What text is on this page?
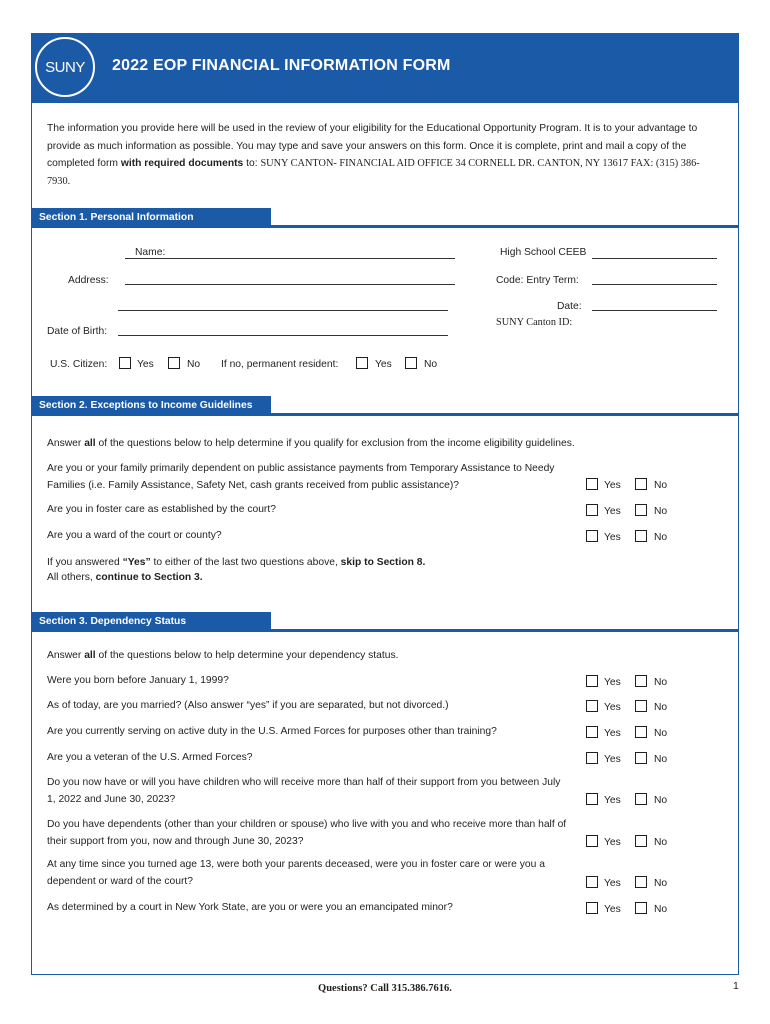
SUNY 2022 EOP FINANCIAL INFORMATION FORM
The information you provide here will be used in the review of your eligibility for the Educational Opportunity Program. It is to your advantage to provide as much information as possible. You may type and save your answers on this form. Once it is complete, print and mail a copy of the completed form with required documents to: SUNY CANTON- FINANCIAL AID OFFICE 34 CORNELL DR. CANTON, NY 13617 FAX: (315) 386-7930.
Section 1. Personal Information
Name:
Address:
Date of Birth:
High School CEEB
Code: Entry Term:
Date:
SUNY Canton ID:
U.S. Citizen:	Yes	No If no, permanent resident:	Yes	No
Section 2. Exceptions to Income Guidelines
Answer all of the questions below to help determine if you qualify for exclusion from the income eligibility guidelines.
Are you or your family primarily dependent on public assistance payments from Temporary Assistance to Needy Families (i.e. Family Assistance, Safety Net, cash grants received from public assistance)?	Yes	No
Are you in foster care as established by the court?	Yes	No
Are you a ward of the court or county?	Yes	No
If you answered “Yes” to either of the last two questions above, skip to Section 8.
All others, continue to Section 3.
Section 3. Dependency Status
Answer all of the questions below to help determine your dependency status.
Were you born before January 1, 1999?	Yes	No
As of today, are you married? (Also answer “yes” if you are separated, but not divorced.)	Yes	No
Are you currently serving on active duty in the U.S. Armed Forces for purposes other than training?	Yes	No
Are you a veteran of the U.S. Armed Forces?	Yes	No
Do you now have or will you have children who will receive more than half of their support from you between July 1, 2022 and June 30, 2023?	Yes	No
Do you have dependents (other than your children or spouse) who live with you and who receive more than half of their support from you, now and through June 30, 2023?	Yes	No
At any time since you turned age 13, were both your parents deceased, were you in foster care or were you a dependent or ward of the court?	Yes	No
As determined by a court in New York State, are you or were you an emancipated minor?	Yes	No
Questions? Call 315.386.7616.	1
